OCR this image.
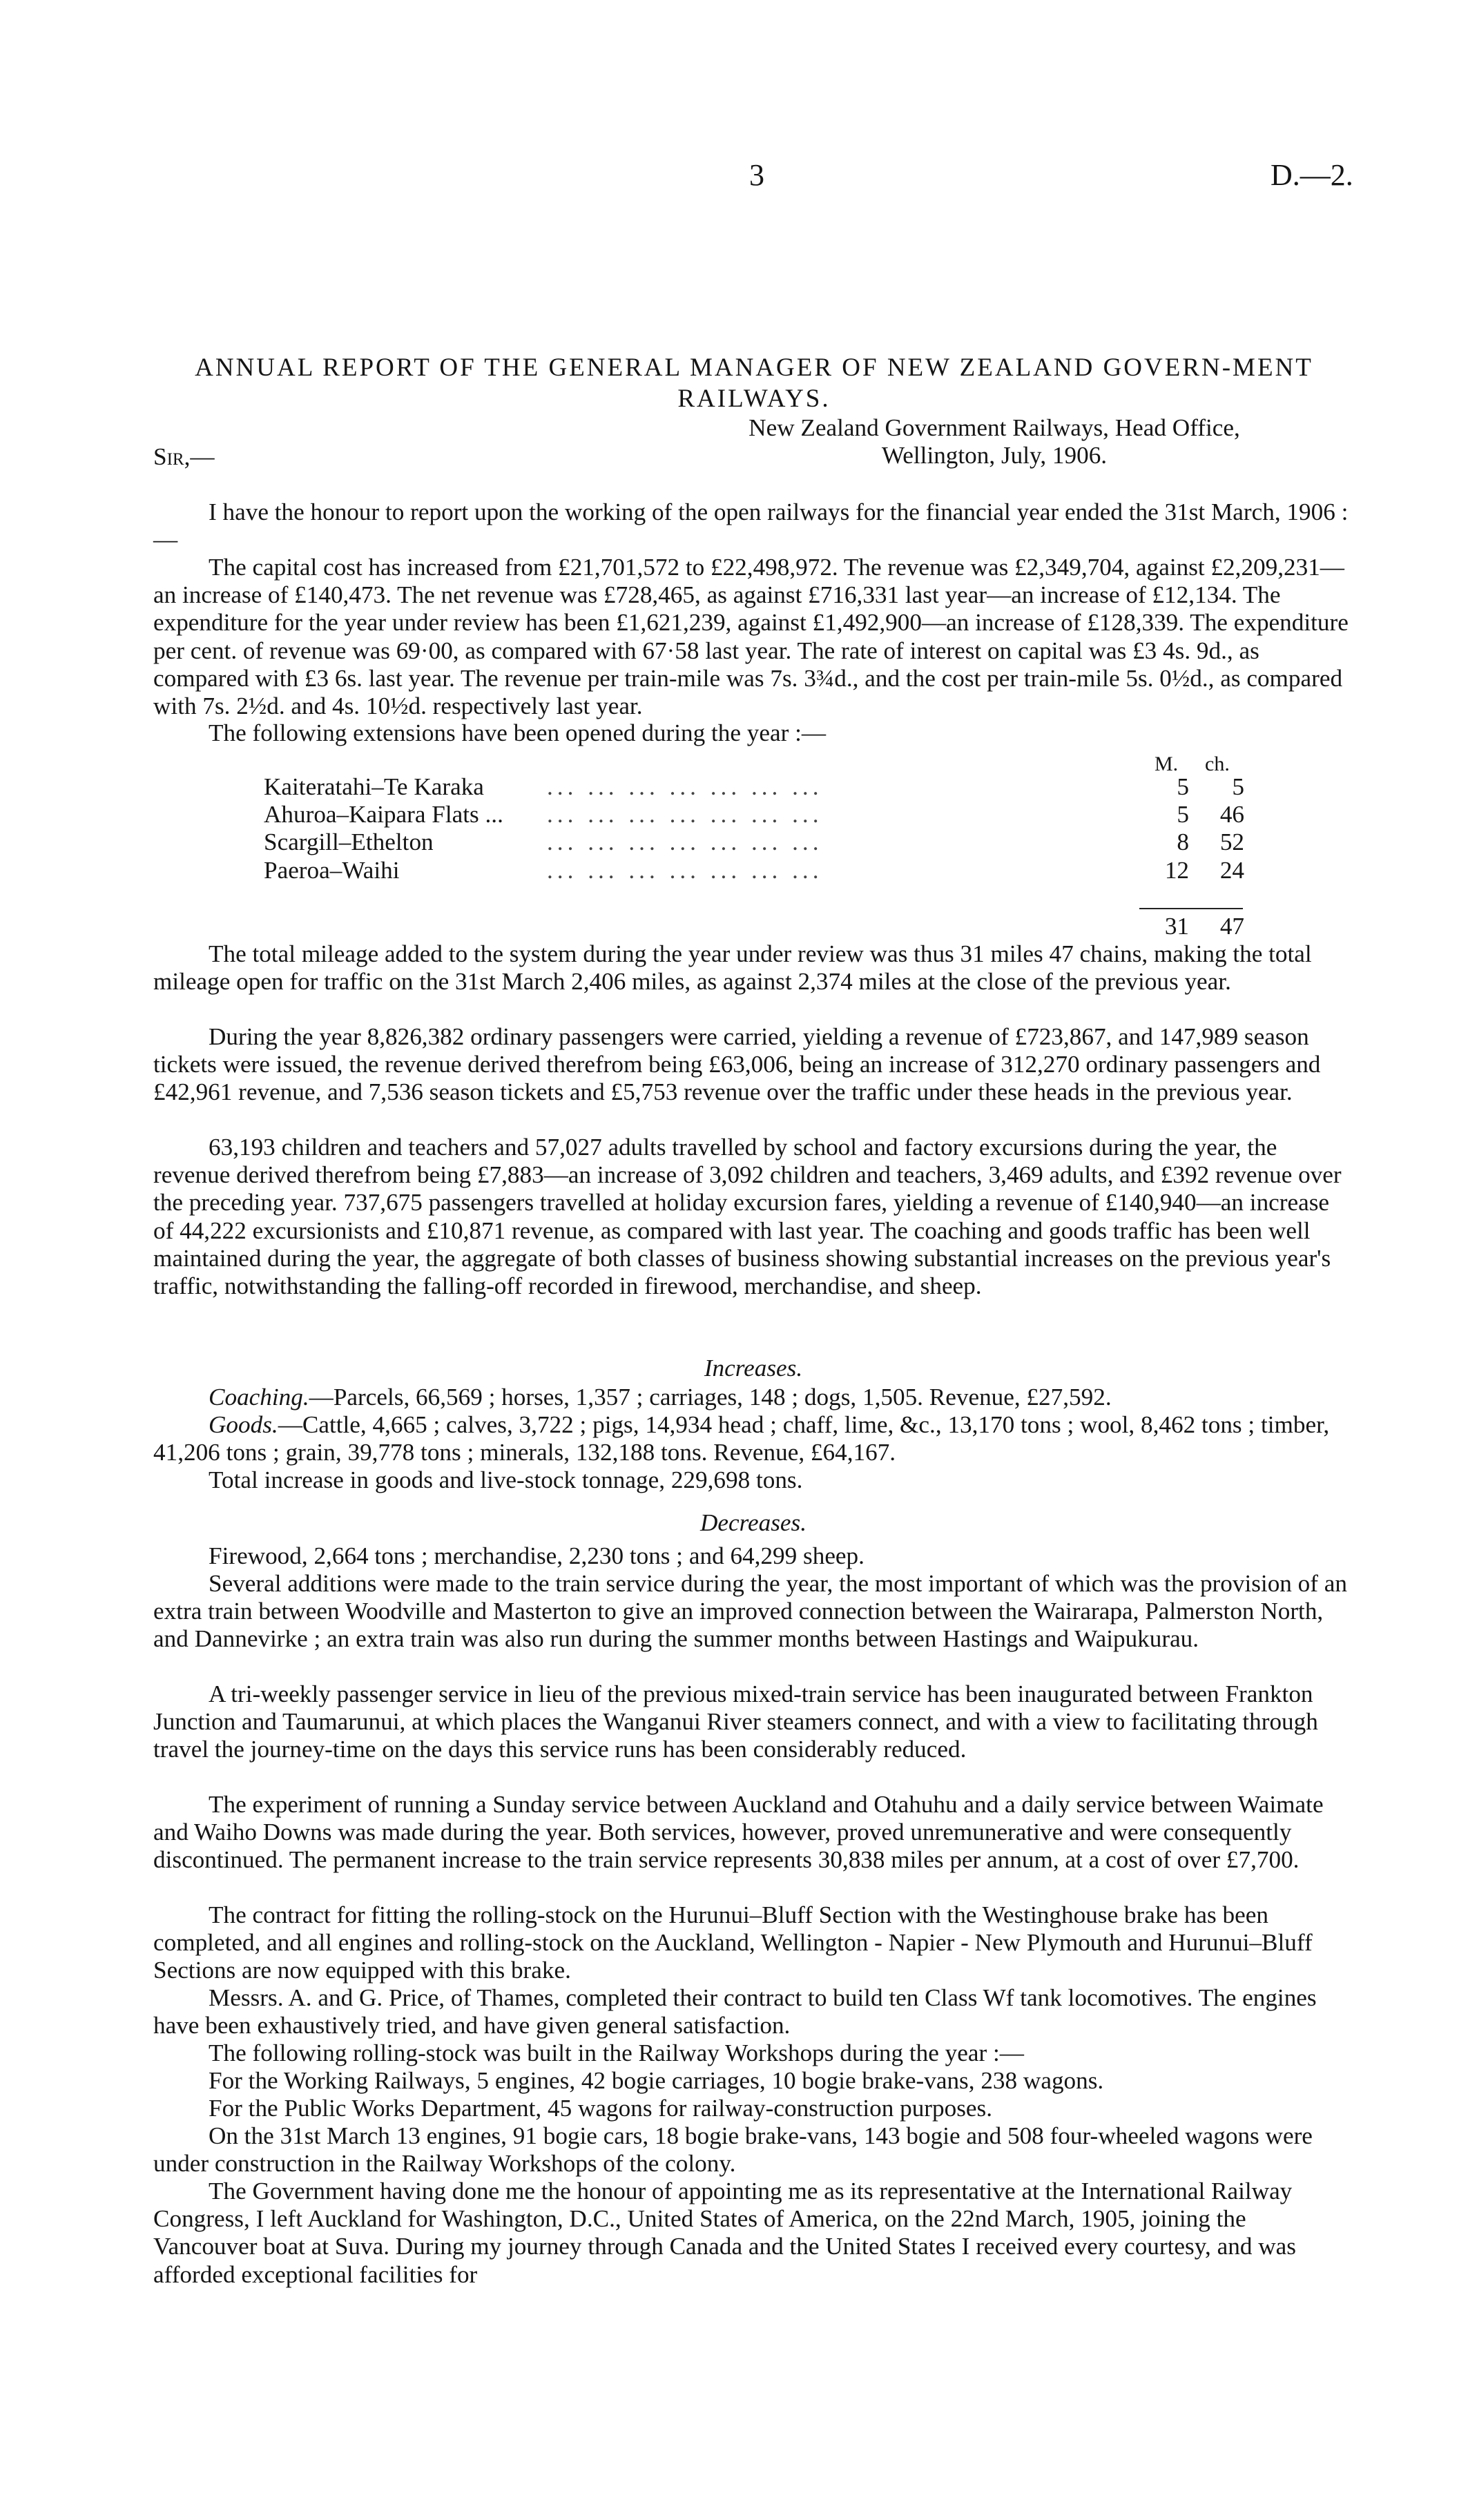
3	D.—2.
ANNUAL REPORT OF THE GENERAL MANAGER OF NEW ZEALAND GOVERN-MENT RAILWAYS.
New Zealand Government Railways, Head Office,
Wellington, July, 1906.
Sir,—
I have the honour to report upon the working of the open railways for the financial year ended the 31st March, 1906 :—
The capital cost has increased from £21,701,572 to £22,498,972. The revenue was £2,349,704, against £2,209,231—an increase of £140,473. The net revenue was £728,465, as against £716,331 last year—an increase of £12,134. The expenditure for the year under review has been £1,621,239, against £1,492,900—an increase of £128,339. The expenditure per cent. of revenue was 69·00, as compared with 67·58 last year. The rate of interest on capital was £3 4s. 9d., as compared with £3 6s. last year. The revenue per train-mile was 7s. 3¾d., and the cost per train-mile 5s. 0½d., as compared with 7s. 2½d. and 4s. 10½d. respectively last year.
The following extensions have been opened during the year :—
M. ch.
Kaiteratahi–Te Karaka	... ... ... ... ... ... ...	5	5
Ahuroa–Kaipara Flats ... ... ... ... ... ... ... ...	5	46
Scargill–Ethelton	... ... ... ... ... ... ...	8	52
Paeroa–Waihi	... ... ... ... ... ... ...	12	24
31	47
The total mileage added to the system during the year under review was thus 31 miles 47 chains, making the total mileage open for traffic on the 31st March 2,406 miles, as against 2,374 miles at the close of the previous year.
During the year 8,826,382 ordinary passengers were carried, yielding a revenue of £723,867, and 147,989 season tickets were issued, the revenue derived therefrom being £63,006, being an increase of 312,270 ordinary passengers and £42,961 revenue, and 7,536 season tickets and £5,753 revenue over the traffic under these heads in the previous year.
63,193 children and teachers and 57,027 adults travelled by school and factory excursions during the year, the revenue derived therefrom being £7,883—an increase of 3,092 children and teachers, 3,469 adults, and £392 revenue over the preceding year. 737,675 passengers travelled at holiday excursion fares, yielding a revenue of £140,940—an increase of 44,222 excursionists and £10,871 revenue, as compared with last year. The coaching and goods traffic has been well maintained during the year, the aggregate of both classes of business showing substantial increases on the previous year's traffic, notwithstanding the falling-off recorded in firewood, merchandise, and sheep.
Increases.
Coaching.—Parcels, 66,569 ; horses, 1,357 ; carriages, 148 ; dogs, 1,505. Revenue, £27,592.
Goods.—Cattle, 4,665 ; calves, 3,722 ; pigs, 14,934 head ; chaff, lime, &c., 13,170 tons ; wool, 8,462 tons ; timber, 41,206 tons ; grain, 39,778 tons ; minerals, 132,188 tons. Revenue, £64,167.
Total increase in goods and live-stock tonnage, 229,698 tons.
Decreases.
Firewood, 2,664 tons ; merchandise, 2,230 tons ; and 64,299 sheep.
Several additions were made to the train service during the year, the most important of which was the provision of an extra train between Woodville and Masterton to give an improved connection between the Wairarapa, Palmerston North, and Dannevirke ; an extra train was also run during the summer months between Hastings and Waipukurau.
A tri-weekly passenger service in lieu of the previous mixed-train service has been inaugurated between Frankton Junction and Taumarunui, at which places the Wanganui River steamers connect, and with a view to facilitating through travel the journey-time on the days this service runs has been considerably reduced.
The experiment of running a Sunday service between Auckland and Otahuhu and a daily service between Waimate and Waiho Downs was made during the year. Both services, however, proved unremunerative and were consequently discontinued. The permanent increase to the train service represents 30,838 miles per annum, at a cost of over £7,700.
The contract for fitting the rolling-stock on the Hurunui–Bluff Section with the Westinghouse brake has been completed, and all engines and rolling-stock on the Auckland, Wellington - Napier - New Plymouth and Hurunui–Bluff Sections are now equipped with this brake.
Messrs. A. and G. Price, of Thames, completed their contract to build ten Class Wf tank locomotives. The engines have been exhaustively tried, and have given general satisfaction.
The following rolling-stock was built in the Railway Workshops during the year :—
For the Working Railways, 5 engines, 42 bogie carriages, 10 bogie brake-vans, 238 wagons.
For the Public Works Department, 45 wagons for railway-construction purposes.
On the 31st March 13 engines, 91 bogie cars, 18 bogie brake-vans, 143 bogie and 508 four-wheeled wagons were under construction in the Railway Workshops of the colony.
The Government having done me the honour of appointing me as its representative at the International Railway Congress, I left Auckland for Washington, D.C., United States of America, on the 22nd March, 1905, joining the Vancouver boat at Suva. During my journey through Canada and the United States I received every courtesy, and was afforded exceptional facilities for
